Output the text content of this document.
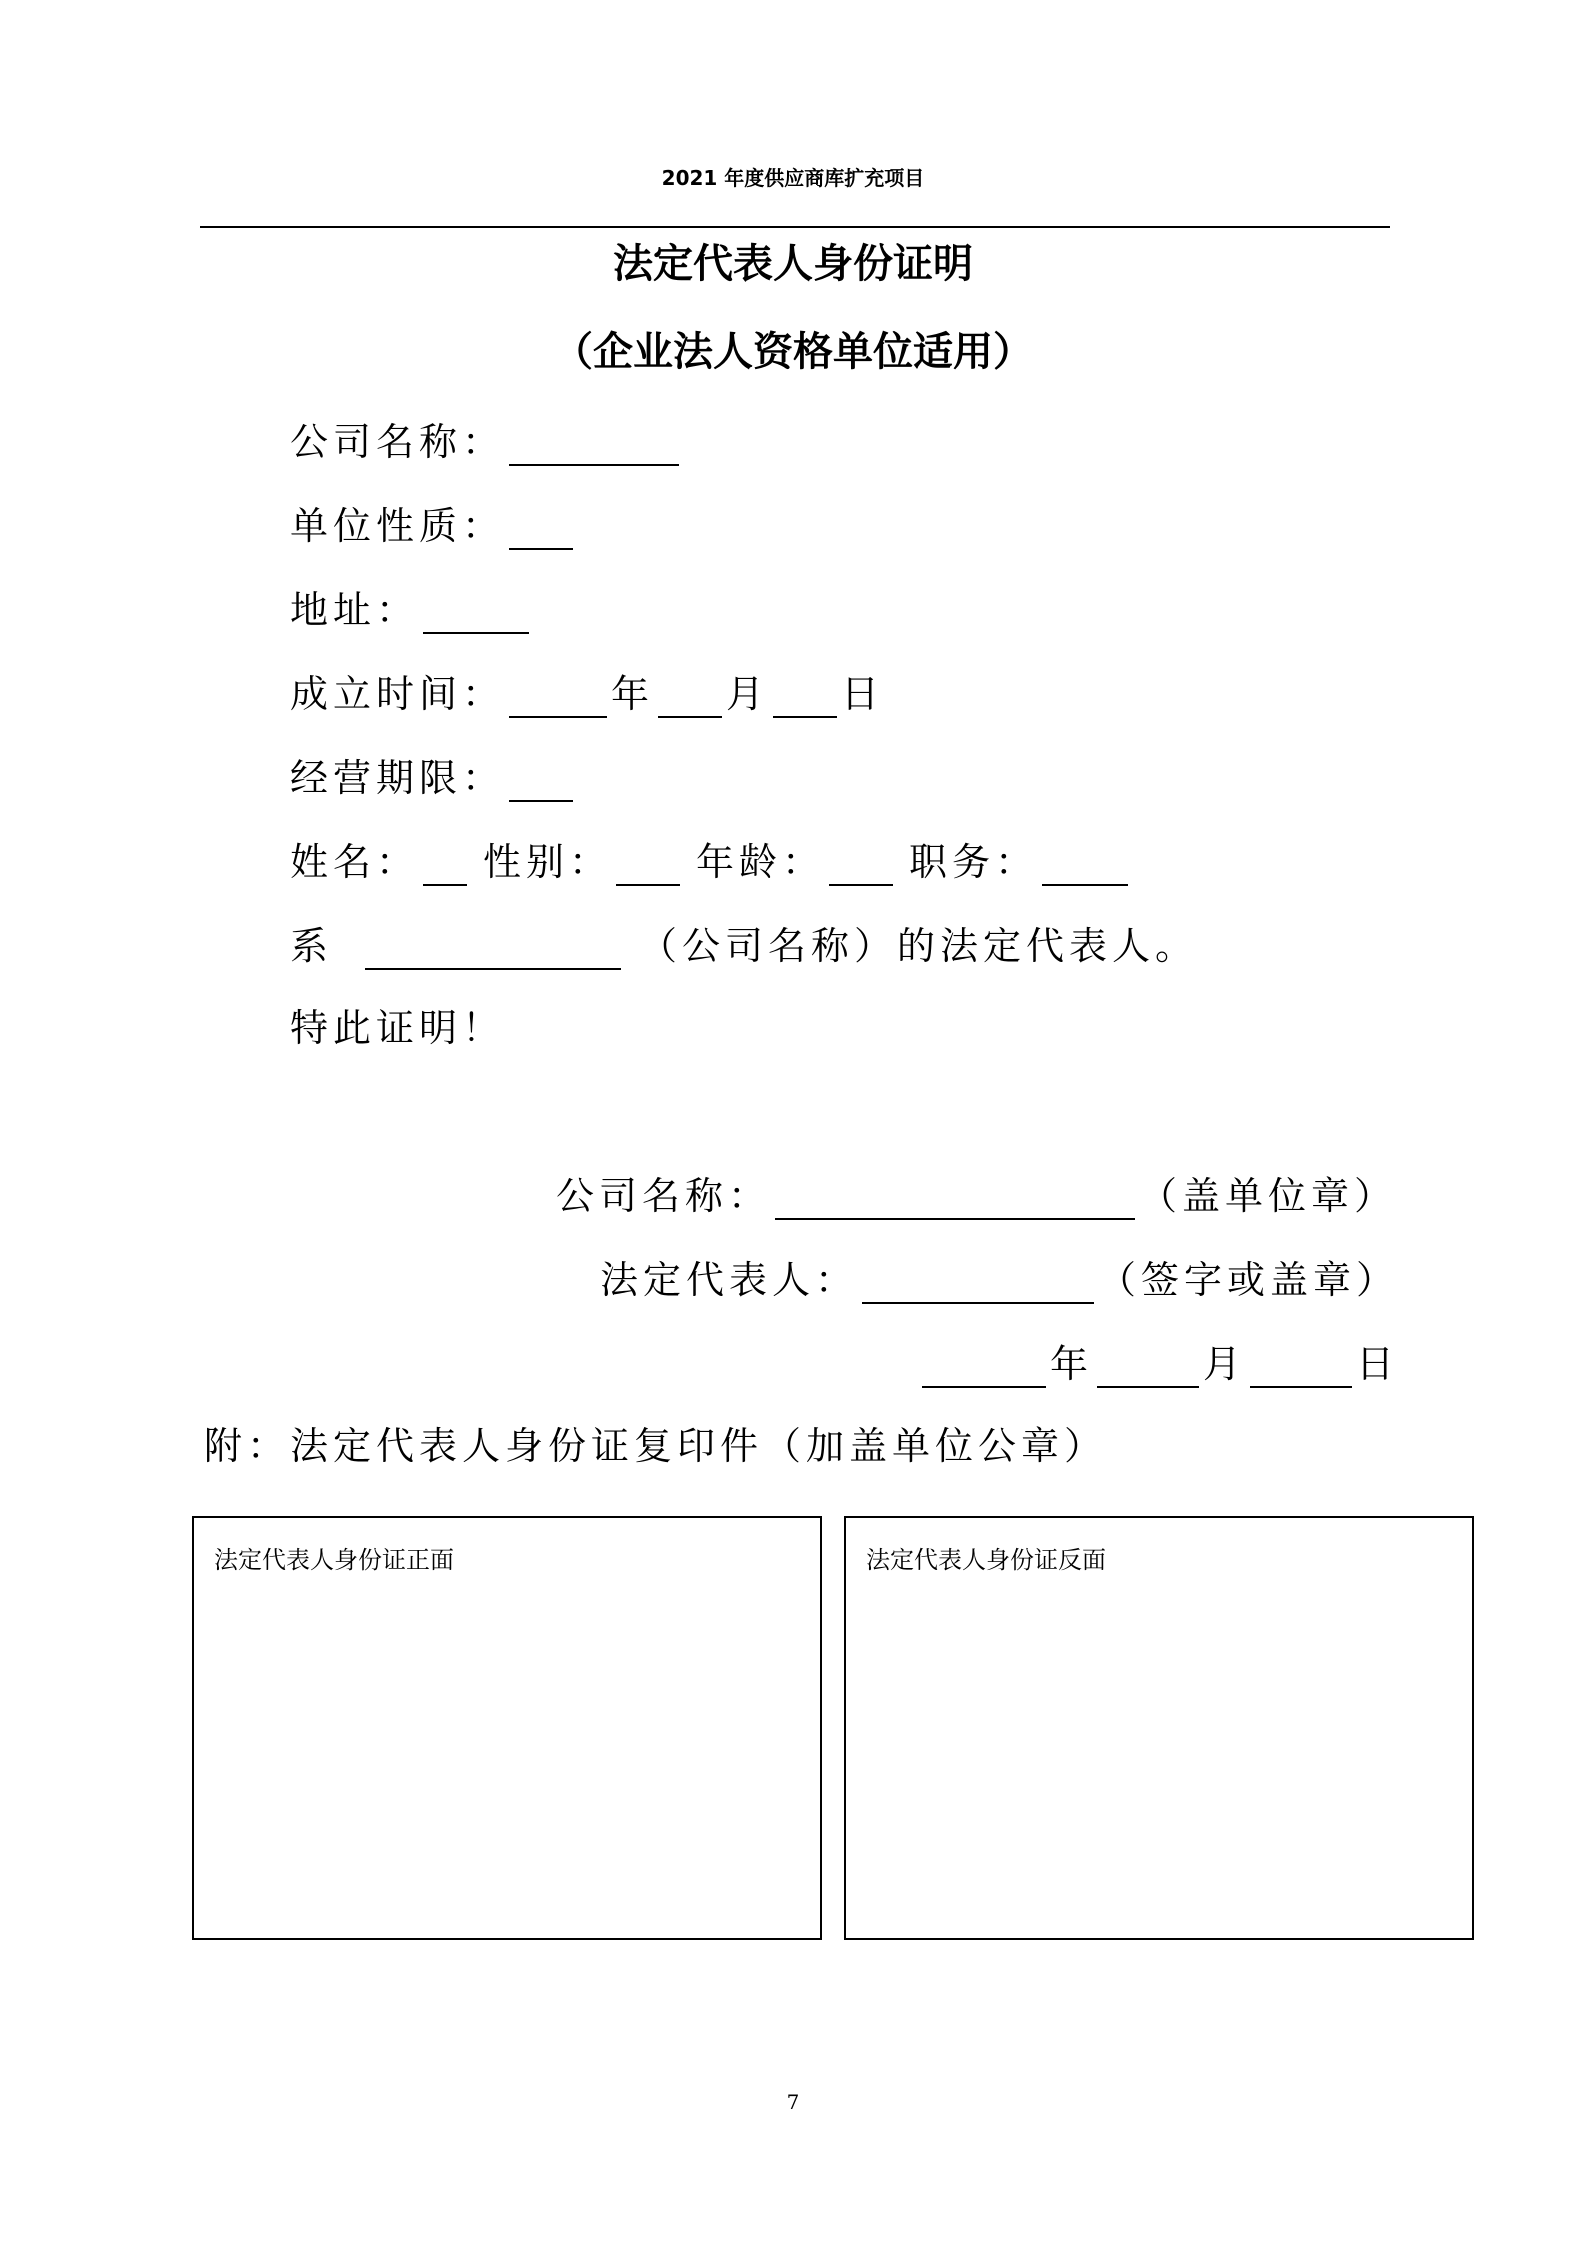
2021 年度供应商库扩充项目
法定代表人身份证明
（企业法人资格单位适用）
公司名称：
单位性质：
地址：
成立时间：	年 月 日
经营期限：
姓名： 性别： 年龄： 职务：
系	（公司名称）的法定代表人。
特此证明！
公司名称：	（盖单位章）
法定代表人：	（签字或盖章）
年	月	日
附：法定代表人身份证复印件（加盖单位公章）
法定代表人身份证正面	法定代表人身份证反面
7
